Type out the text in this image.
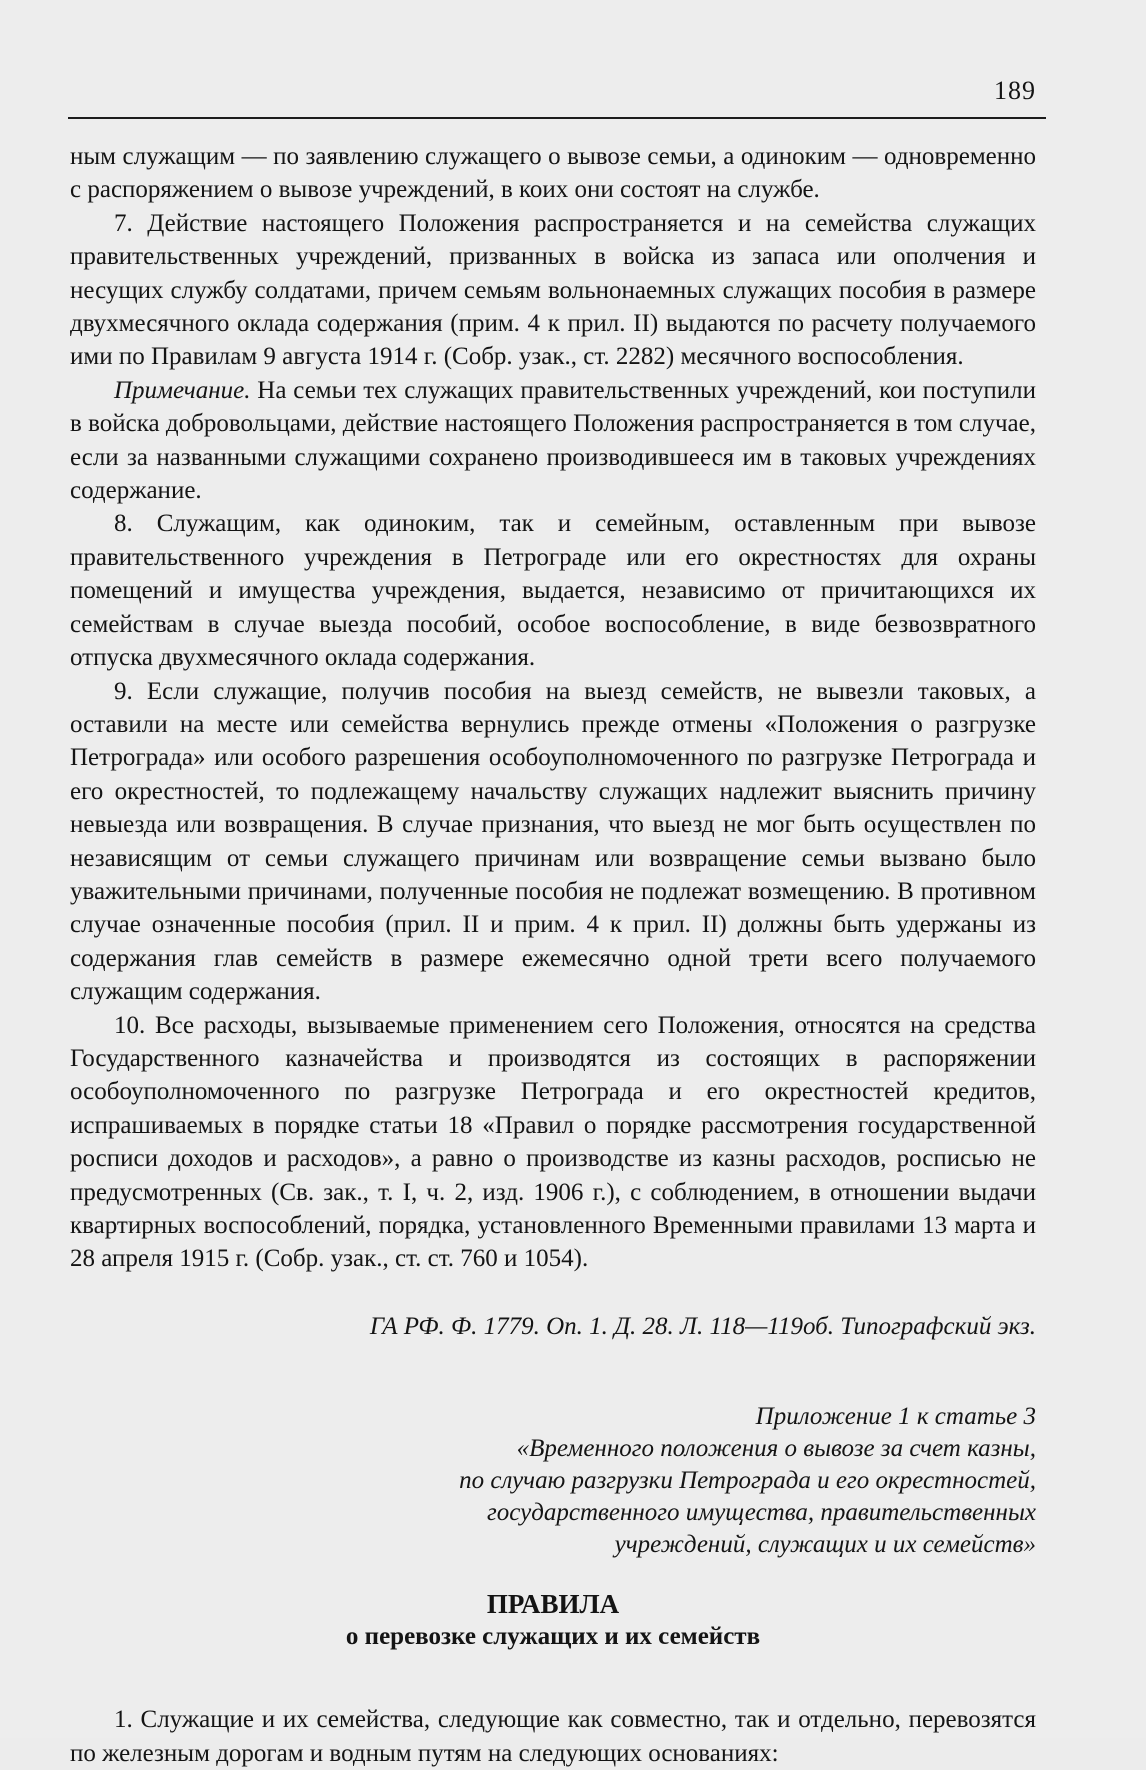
189

ным служащим — по заявлению служащего о вывозе семьи, а одиноким — одновременно с распоряжением о вывозе учреждений, в коих они состоят на службе.

7. Действие настоящего Положения распространяется и на семейства служащих правительственных учреждений, призванных в войска из запаса или ополчения и несущих службу солдатами, причем семьям вольнонаемных служащих пособия в размере двухмесячного оклада содержания (прим. 4 к прил. II) выдаются по расчету получаемого ими по Правилам 9 августа 1914 г. (Собр. узак., ст. 2282) месячного воспособления.

Примечание. На семьи тех служащих правительственных учреждений, кои поступили в войска добровольцами, действие настоящего Положения распространяется в том случае, если за названными служащими сохранено производившееся им в таковых учреждениях содержание.

8. Служащим, как одиноким, так и семейным, оставленным при вывозе правительственного учреждения в Петрограде или его окрестностях для охраны помещений и имущества учреждения, выдается, независимо от причитающихся их семействам в случае выезда пособий, особое воспособление, в виде безвозвратного отпуска двухмесячного оклада содержания.

9. Если служащие, получив пособия на выезд семейств, не вывезли таковых, а оставили на месте или семейства вернулись прежде отмены «Положения о разгрузке Петрограда» или особого разрешения особоуполномоченного по разгрузке Петрограда и его окрестностей, то подлежащему начальству служащих надлежит выяснить причину невыезда или возвращения. В случае признания, что выезд не мог быть осуществлен по независящим от семьи служащего причинам или возвращение семьи вызвано было уважительными причинами, полученные пособия не подлежат возмещению. В противном случае означенные пособия (прил. II и прим. 4 к прил. II) должны быть удержаны из содержания глав семейств в размере ежемесячно одной трети всего получаемого служащим содержания.

10. Все расходы, вызываемые применением сего Положения, относятся на средства Государственного казначейства и производятся из состоящих в распоряжении особоуполномоченного по разгрузке Петрограда и его окрестностей кредитов, испрашиваемых в порядке статьи 18 «Правил о порядке рассмотрения государственной росписи доходов и расходов», а равно о производстве из казны расходов, росписью не предусмотренных (Св. зак., т. I, ч. 2, изд. 1906 г.), с соблюдением, в отношении выдачи квартирных воспособлений, порядка, установленного Временными правилами 13 марта и 28 апреля 1915 г. (Собр. узак., ст. ст. 760 и 1054).

ГА РФ. Ф. 1779. Оп. 1. Д. 28. Л. 118—119об. Типографский экз.

Приложение 1 к статье 3
«Временного положения о вывозе за счет казны,
по случаю разгрузки Петрограда и его окрестностей,
государственного имущества, правительственных
учреждений, служащих и их семейств»
ПРАВИЛА
о перевозке служащих и их семейств

1. Служащие и их семейства, следующие как совместно, так и отдельно, перевозятся по железным дорогам и водным путям на следующих основаниях:
